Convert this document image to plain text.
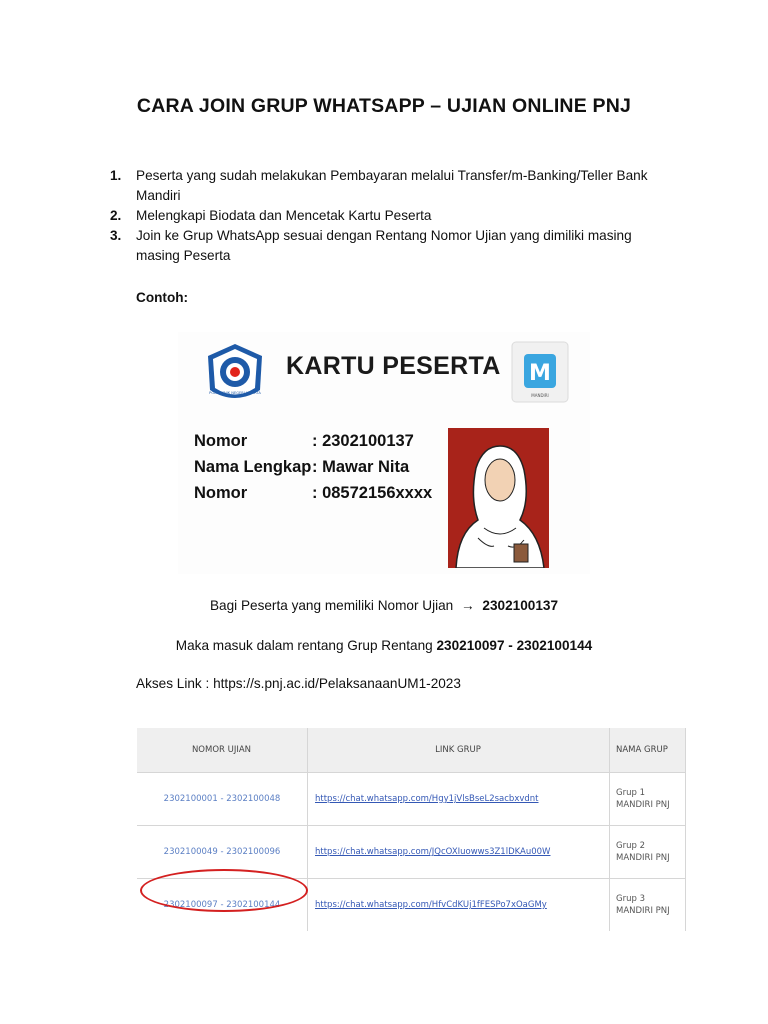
CARA JOIN GRUP WHATSAPP – UJIAN ONLINE PNJ
1.	Peserta yang sudah melakukan Pembayaran melalui Transfer/m-Banking/Teller Bank Mandiri
2.	Melengkapi Biodata dan Mencetak Kartu Peserta
3.	Join ke Grup WhatsApp sesuai dengan Rentang Nomor Ujian yang dimiliki masing masing Peserta
Contoh:
POLITEKNIK NEGERI JAKARTA
KARTU PESERTA M
MANDIRI
Nomor	: 2302100137
Nama Lengkap: Mawar Nita
Nomor	: 08572156xxxx
Bagi Peserta yang memiliki Nomor Ujian → 2302100137
Maka masuk dalam rentang Grup Rentang 230210097 - 2302100144
Akses Link : https://s.pnj.ac.id/PelaksanaanUM1-2023
NOMOR UJIAN	LINK GRUP	NAMA GRUP
2302100001 - 2302100048	https://chat.whatsapp.com/Hgy1jVlsBseL2sacbxvdnt	Grup 1
MANDIRI PNJ
2302100049 - 2302100096	https://chat.whatsapp.com/JQcOXIuowws3Z1lDKAu00W	Grup 2
MANDIRI PNJ
2302100097 - 2302100144	https://chat.whatsapp.com/HfvCdKUj1fFESPo7xOaGMy	Grup 3
MANDIRI PNJ
